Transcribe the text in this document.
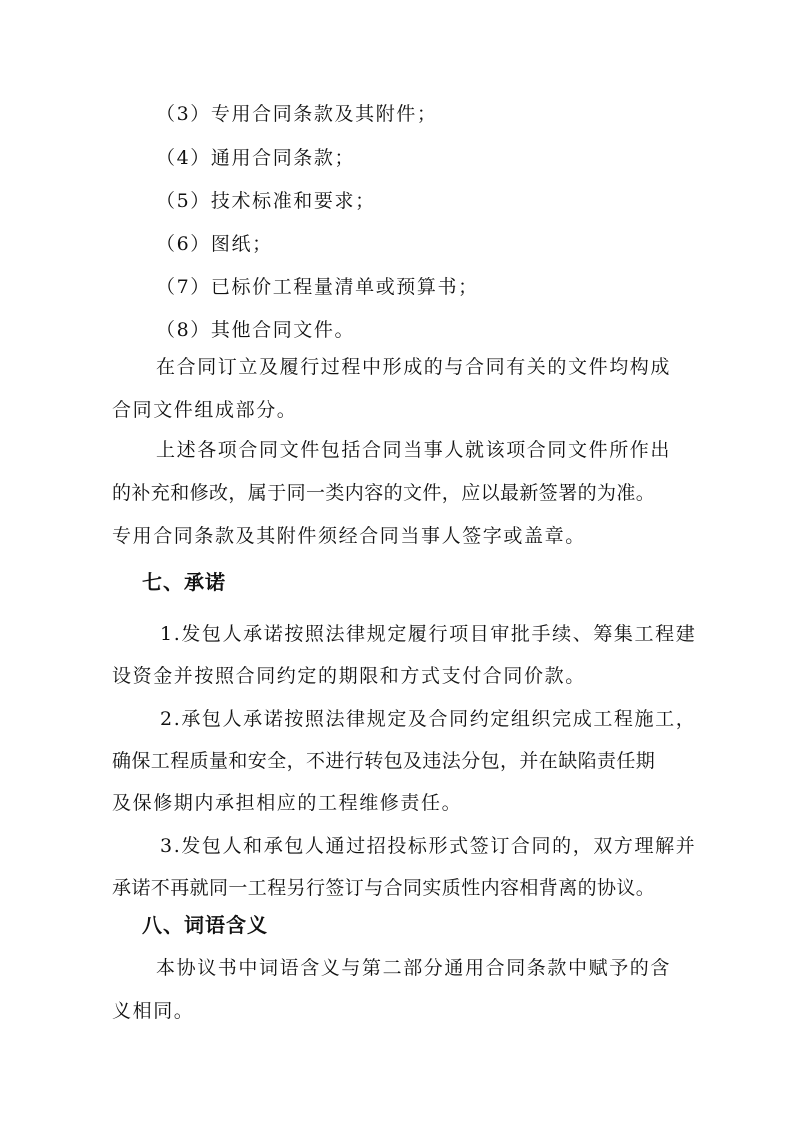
（3）专用合同条款及其附件；
（4）通用合同条款；
（5）技术标准和要求；
（6）图纸；
（7）已标价工程量清单或预算书；
（8）其他合同文件。
在合同订立及履行过程中形成的与合同有关的文件均构成
合同文件组成部分。
上述各项合同文件包括合同当事人就该项合同文件所作出
的补充和修改，属于同一类内容的文件，应以最新签署的为准。
专用合同条款及其附件须经合同当事人签字或盖章。
七、承诺
1.发包人承诺按照法律规定履行项目审批手续、筹集工程建
设资金并按照合同约定的期限和方式支付合同价款。
2.承包人承诺按照法律规定及合同约定组织完成工程施工，
确保工程质量和安全，不进行转包及违法分包，并在缺陷责任期
及保修期内承担相应的工程维修责任。
3.发包人和承包人通过招投标形式签订合同的，双方理解并
承诺不再就同一工程另行签订与合同实质性内容相背离的协议。
八、词语含义
本协议书中词语含义与第二部分通用合同条款中赋予的含
义相同。
